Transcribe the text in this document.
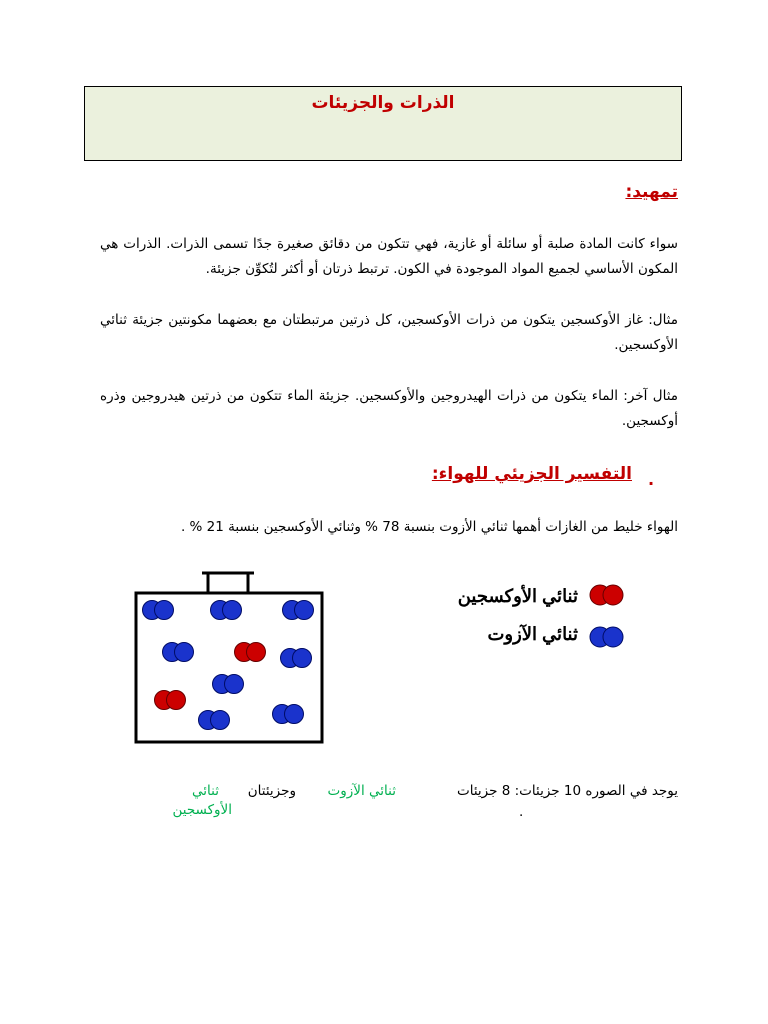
الذرات والجزيئات
تمهيد:
سواء كانت المادة صلبة أو سائلة أو غازية، فهي تتكون من دقائق صغيرة جدًا تسمى الذرات. الذرات هي المكون الأساسي لجميع المواد الموجودة في الكون. ترتبط ذرتان أو أكثر لتُكوِّن جزيئة.
مثال: غاز الأوكسجين يتكون من ذرات الأوكسجين، كل ذرتين مرتبطتان مع بعضهما مكونتين جزيئة ثنائي الأوكسجين.
مثال آخر: الماء يتكون من ذرات الهيدروجين والأوكسجين. جزيئة الماء تتكون من ذرتين هيدروجين وذره أوكسجين.
.
التفسير الجزيئي للهواء:
الهواء خليط من الغازات أهمها ثنائي الأزوت بنسبة 78 % وثنائي الأوكسجين بنسبة 21 % .
ثنائي الأوكسجين
ثنائي الآزوت
يوجد في الصوره 10 جزيئات: 8 جزيئات
ثنائي الآزوت
وجزيئتان
ثنائي الأوكسجين	.
